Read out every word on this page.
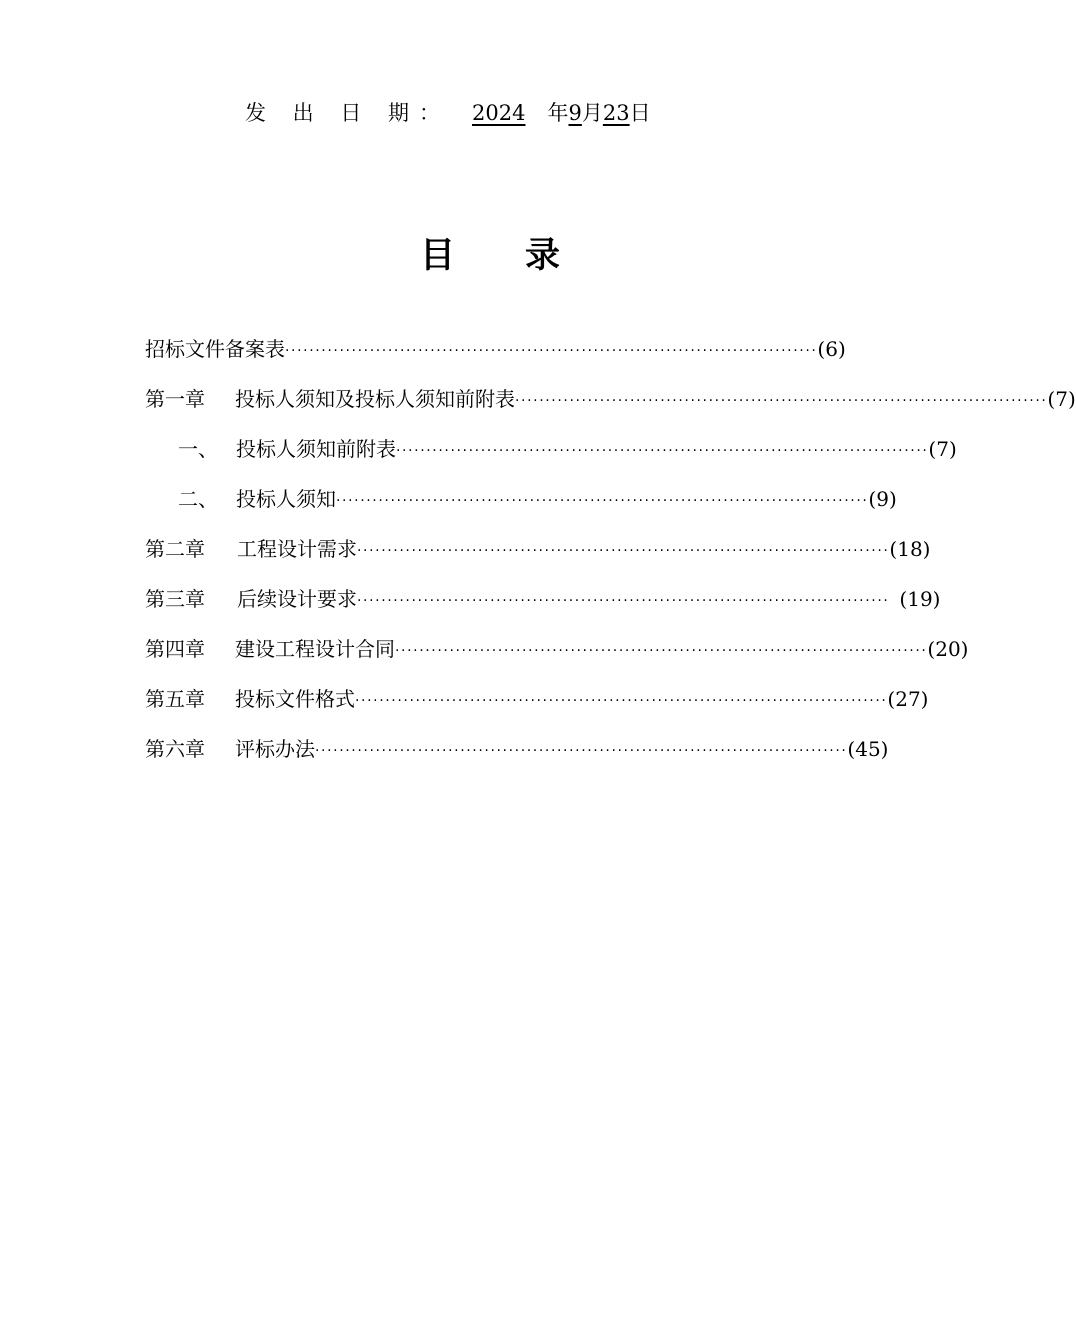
发 出 日 期： 2024 年9月23日
目 录
招标文件备案表 ························································································ (6)
第一章	投标人须知及投标人须知前附表 ························································································ (7)
一、 投标人须知前附表 ························································································ (7)
二、 投标人须知 ························································································ (9)
第二章	工程设计需求 ························································································ (18)
第三章	后续设计要求 ························································································ (19)
第四章	建设工程设计合同 ························································································ (20)
第五章	投标文件格式 ························································································ (27)
第六章	评标办法 ························································································ (45)
